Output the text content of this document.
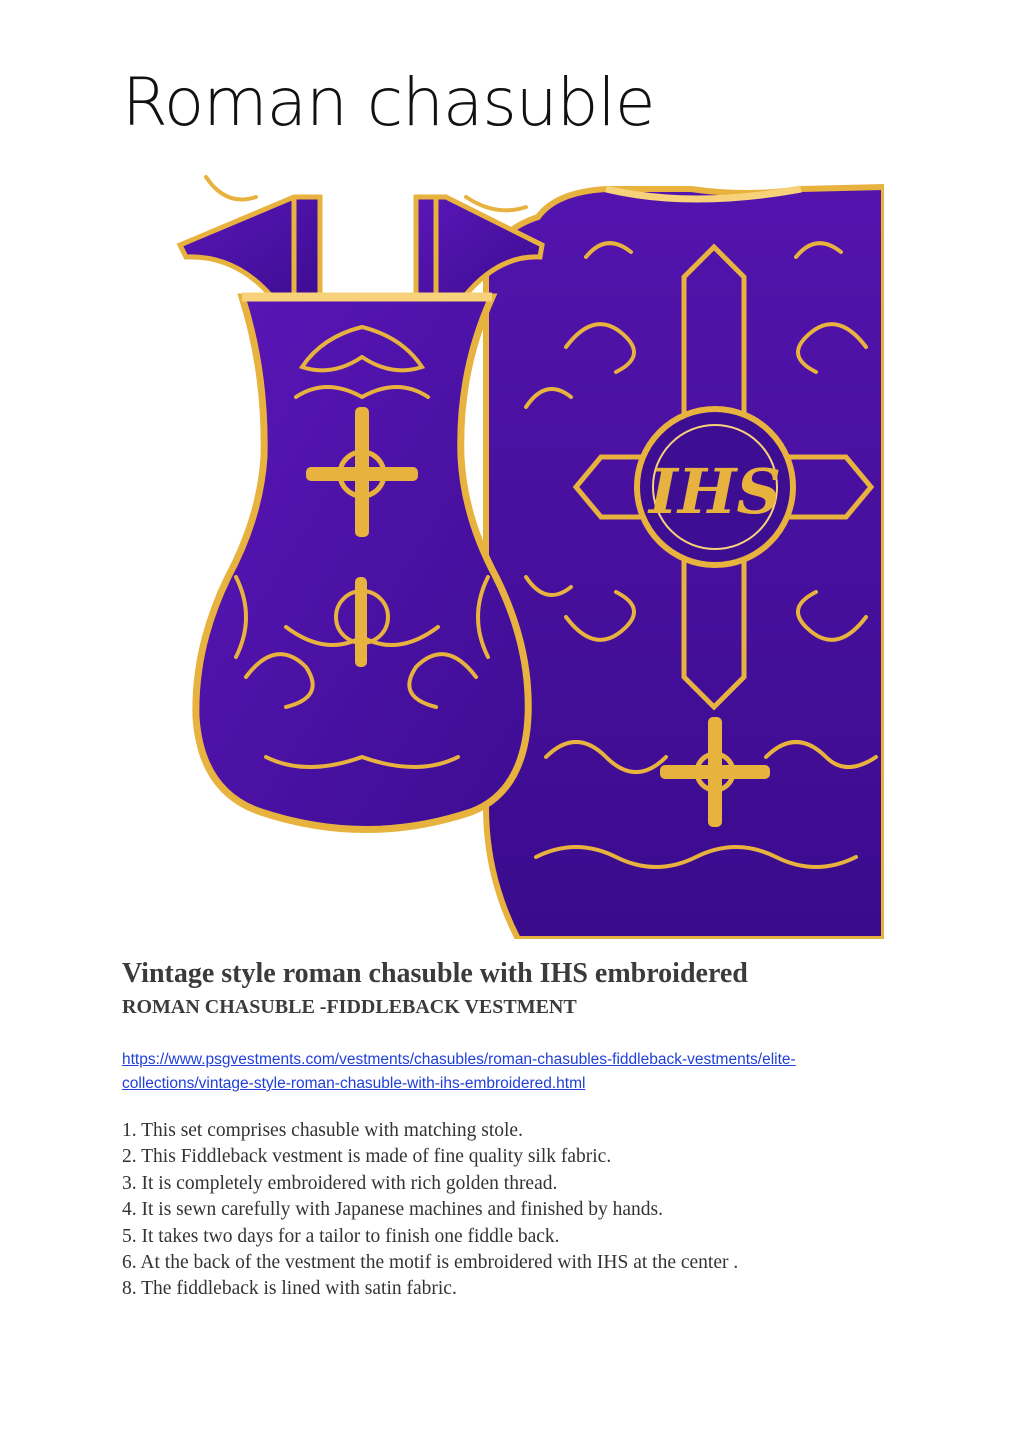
Roman chasuble
IHS
Vintage style roman chasuble with IHS embroidered
ROMAN CHASUBLE -FIDDLEBACK VESTMENT
https://www.psgvestments.com/vestments/chasubles/roman-chasubles-fiddleback-vestments/elite-
collections/vintage-style-roman-chasuble-with-ihs-embroidered.html
1. This set comprises chasuble with matching stole.
2. This Fiddleback vestment is made of fine quality silk fabric.
3. It is completely embroidered with rich golden thread.
4. It is sewn carefully with Japanese machines and finished by hands.
5. It takes two days for a tailor to finish one fiddle back.
6. At the back of the vestment the motif is embroidered with IHS at the center .
8. The fiddleback is lined with satin fabric.
